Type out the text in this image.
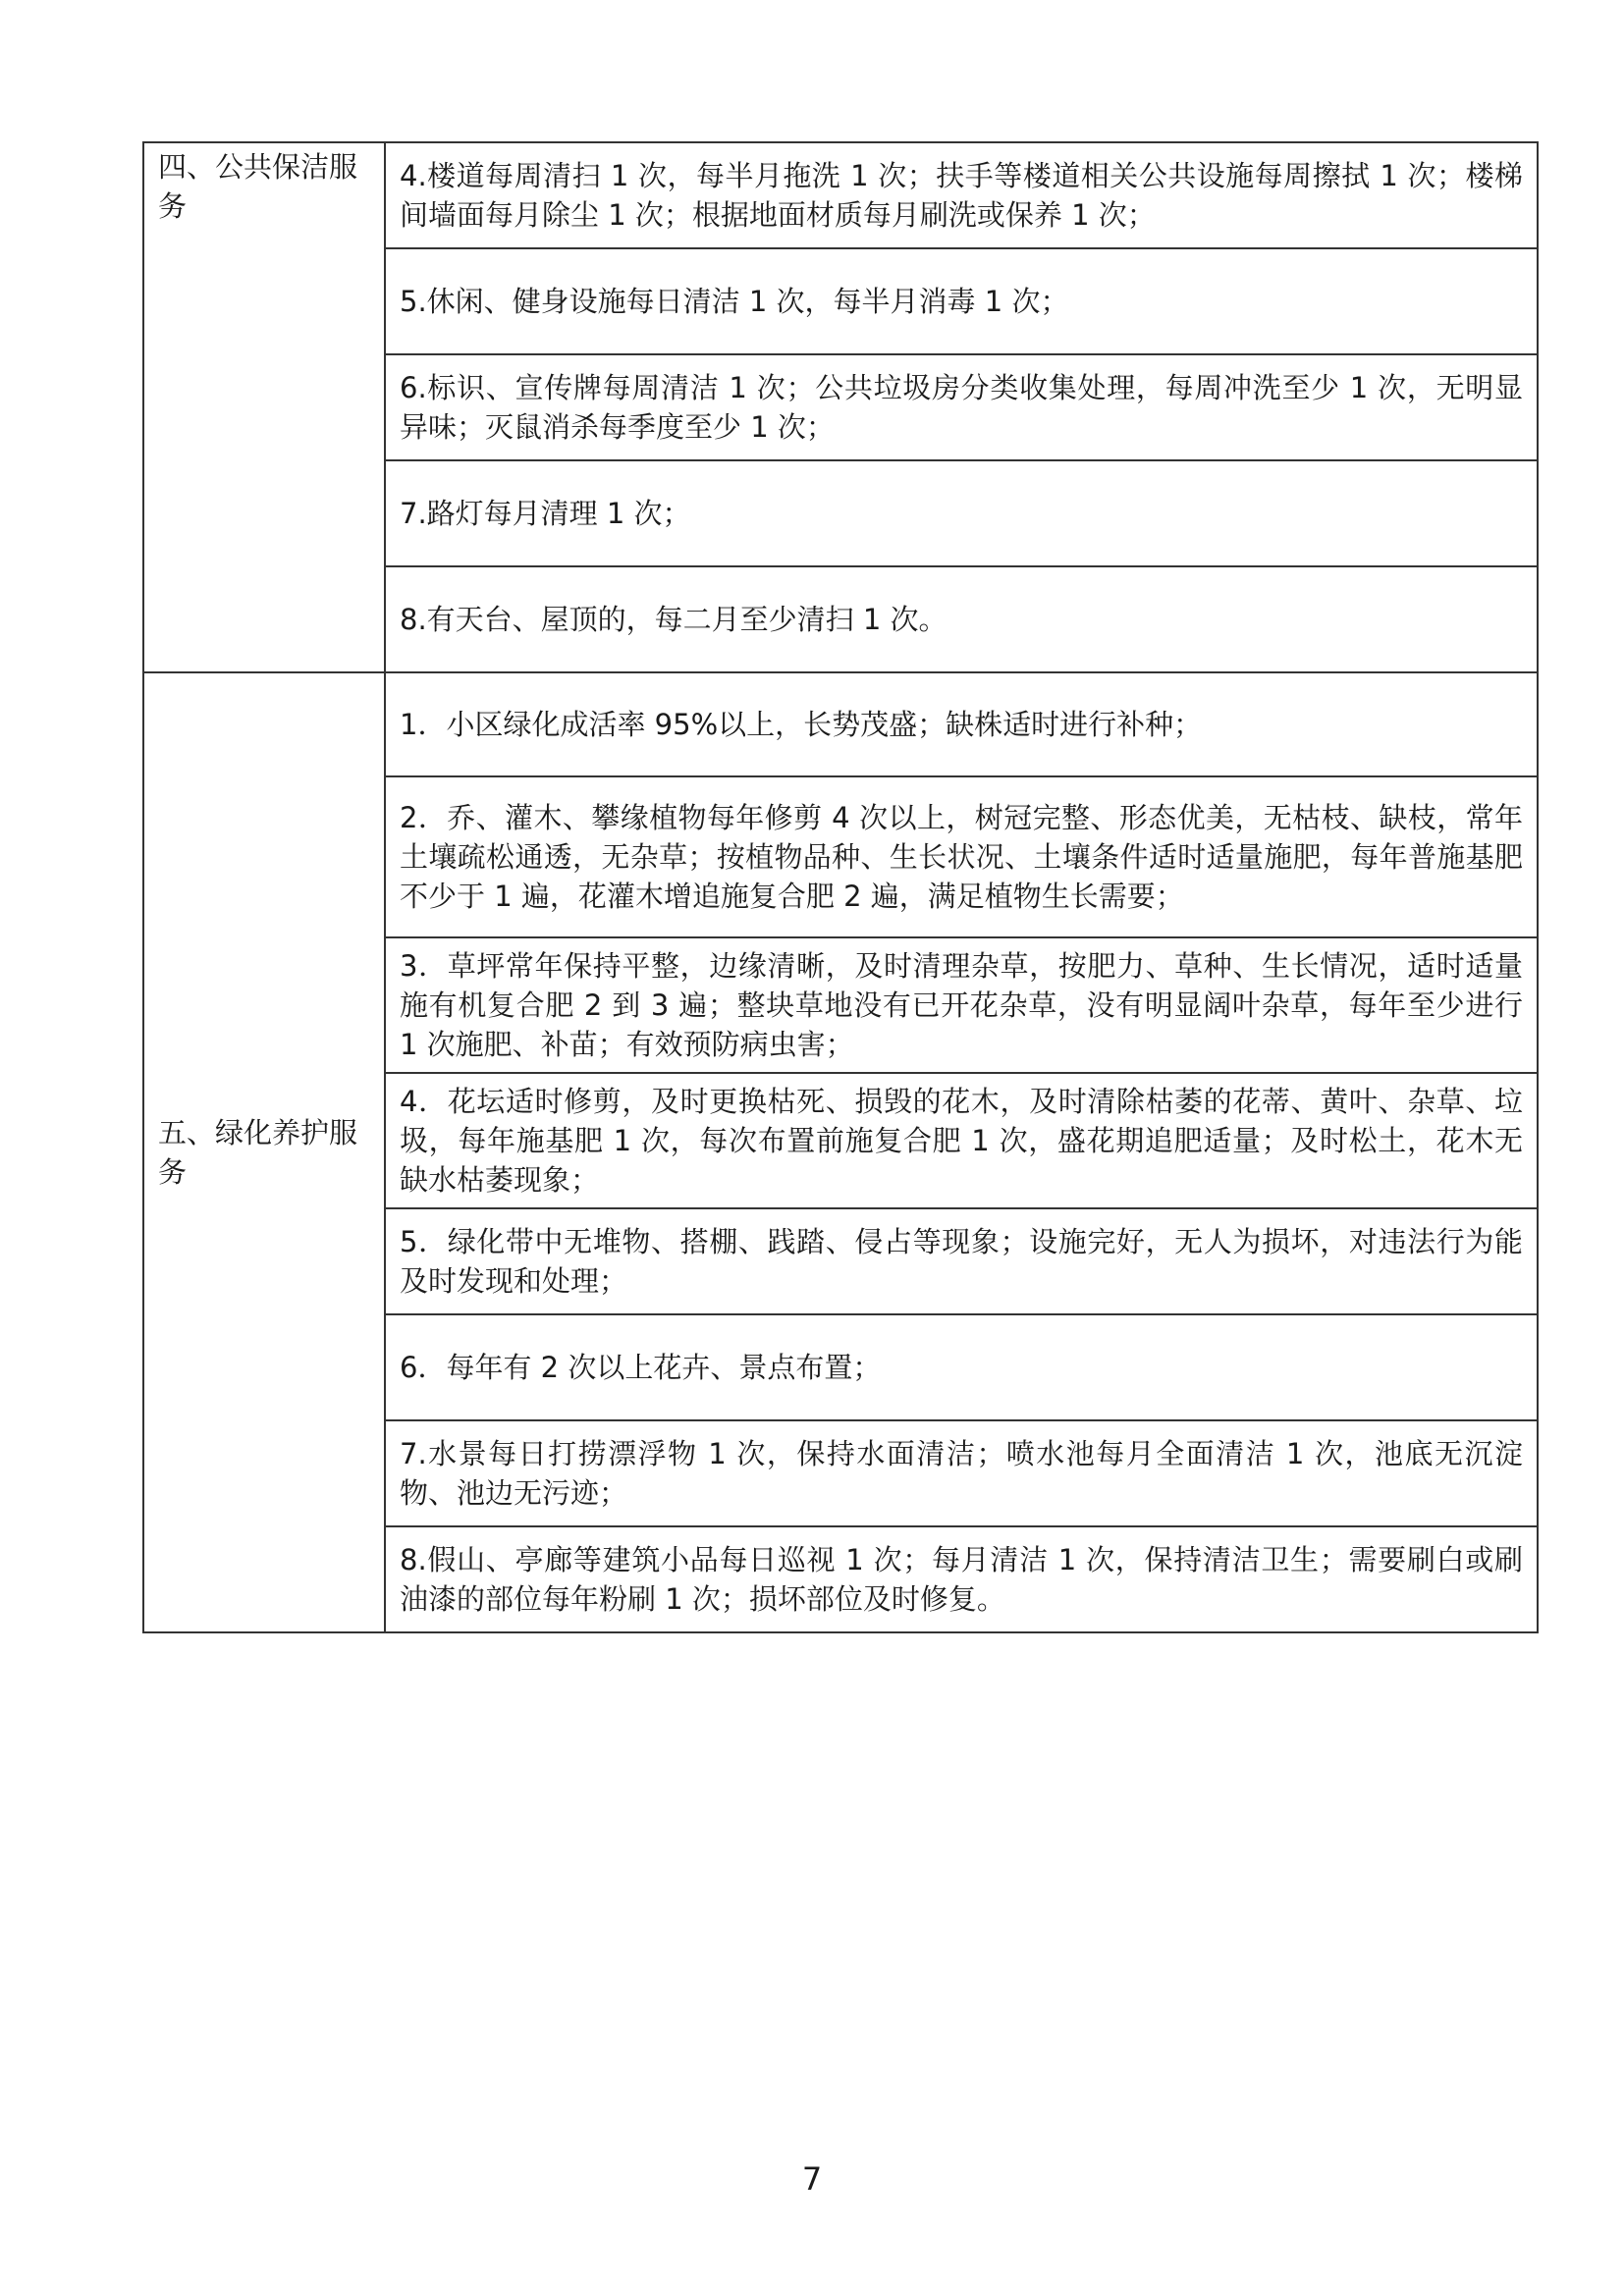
四、公共保洁服务	4.楼道每周清扫 1 次，每半月拖洗 1 次；扶手等楼道相关公共设施每周擦拭 1 次；楼梯间墙面每月除尘 1 次；根据地面材质每月刷洗或保养 1 次；
	5.休闲、健身设施每日清洁 1 次，每半月消毒 1 次；
	6.标识、宣传牌每周清洁 1 次；公共垃圾房分类收集处理，每周冲洗至少 1 次，无明显异味；灭鼠消杀每季度至少 1 次；
	7.路灯每月清理 1 次；
	8.有天台、屋顶的，每二月至少清扫 1 次。
五、绿化养护服务	1．小区绿化成活率 95%以上，长势茂盛；缺株适时进行补种；
	2．乔、灌木、攀缘植物每年修剪 4 次以上，树冠完整、形态优美，无枯枝、缺枝，常年土壤疏松通透，无杂草；按植物品种、生长状况、土壤条件适时适量施肥，每年普施基肥不少于 1 遍，花灌木增追施复合肥 2 遍，满足植物生长需要；
	3．草坪常年保持平整，边缘清晰，及时清理杂草，按肥力、草种、生长情况，适时适量施有机复合肥 2 到 3 遍；整块草地没有已开花杂草，没有明显阔叶杂草，每年至少进行 1 次施肥、补苗；有效预防病虫害；
	4．花坛适时修剪，及时更换枯死、损毁的花木，及时清除枯萎的花蒂、黄叶、杂草、垃圾，每年施基肥 1 次，每次布置前施复合肥 1 次，盛花期追肥适量；及时松土，花木无缺水枯萎现象；
	5．绿化带中无堆物、搭棚、践踏、侵占等现象；设施完好，无人为损坏，对违法行为能及时发现和处理；
	6．每年有 2 次以上花卉、景点布置；
	7.水景每日打捞漂浮物 1 次，保持水面清洁；喷水池每月全面清洁 1 次，池底无沉淀物、池边无污迹；
	8.假山、亭廊等建筑小品每日巡视 1 次；每月清洁 1 次，保持清洁卫生；需要刷白或刷油漆的部位每年粉刷 1 次；损坏部位及时修复。
7
